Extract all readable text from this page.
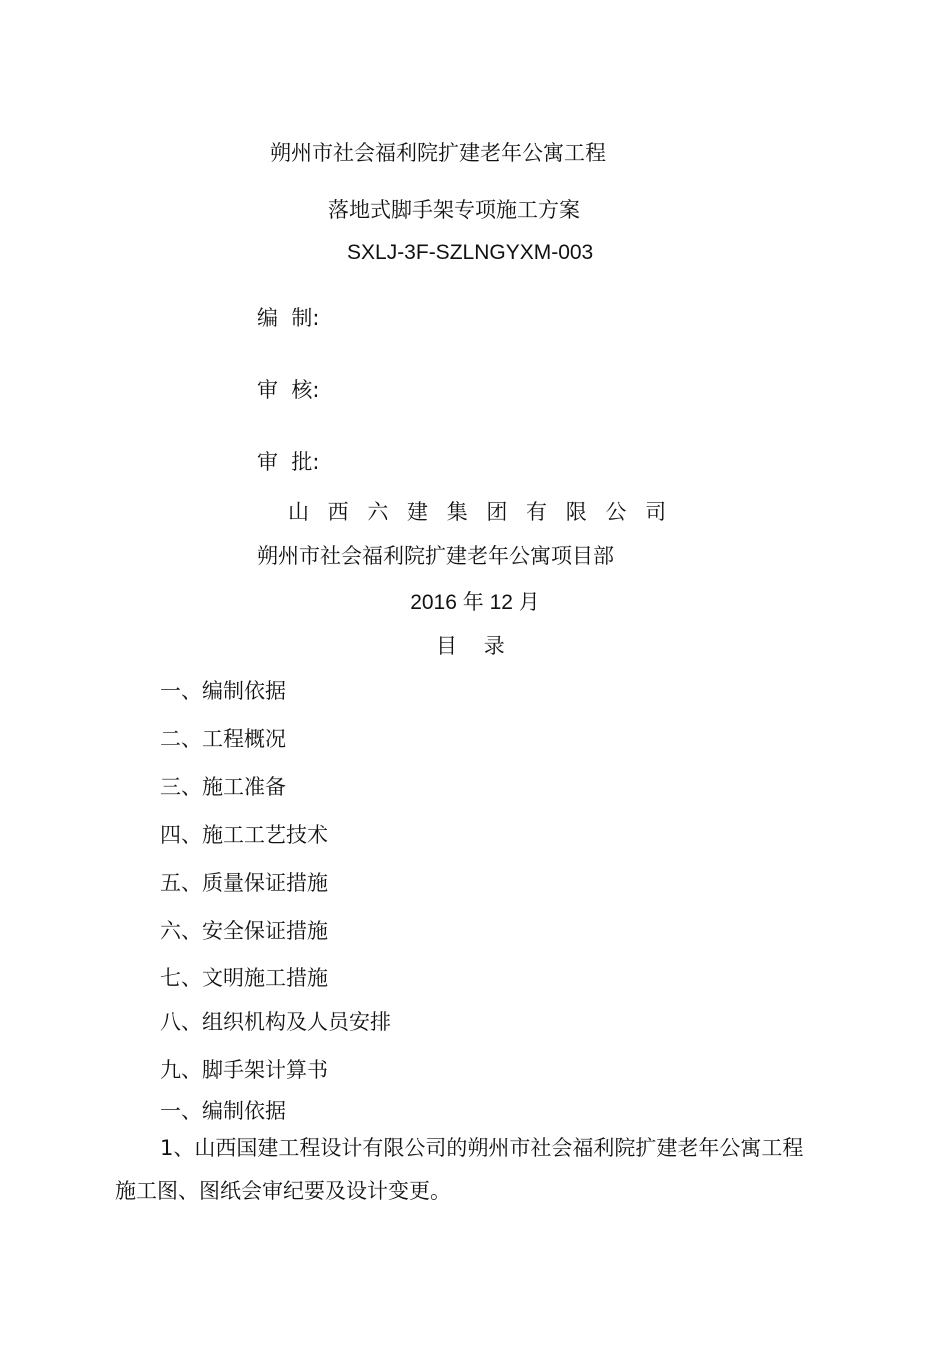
朔州市社会福利院扩建老年公寓工程
落地式脚手架专项施工方案
SXLJ-3F-SZLNGYXM-003
编  制:
审  核:
审  批:
山 西 六 建 集 团 有 限 公 司
朔州市社会福利院扩建老年公寓项目部
2016 年 12 月
目    录
一、编制依据
二、工程概况
三、施工准备
四、施工工艺技术
五、质量保证措施
六、安全保证措施
七、文明施工措施
八、组织机构及人员安排
九、脚手架计算书
一、编制依据
1、山西国建工程设计有限公司的朔州市社会福利院扩建老年公寓工程
施工图、图纸会审纪要及设计变更。
